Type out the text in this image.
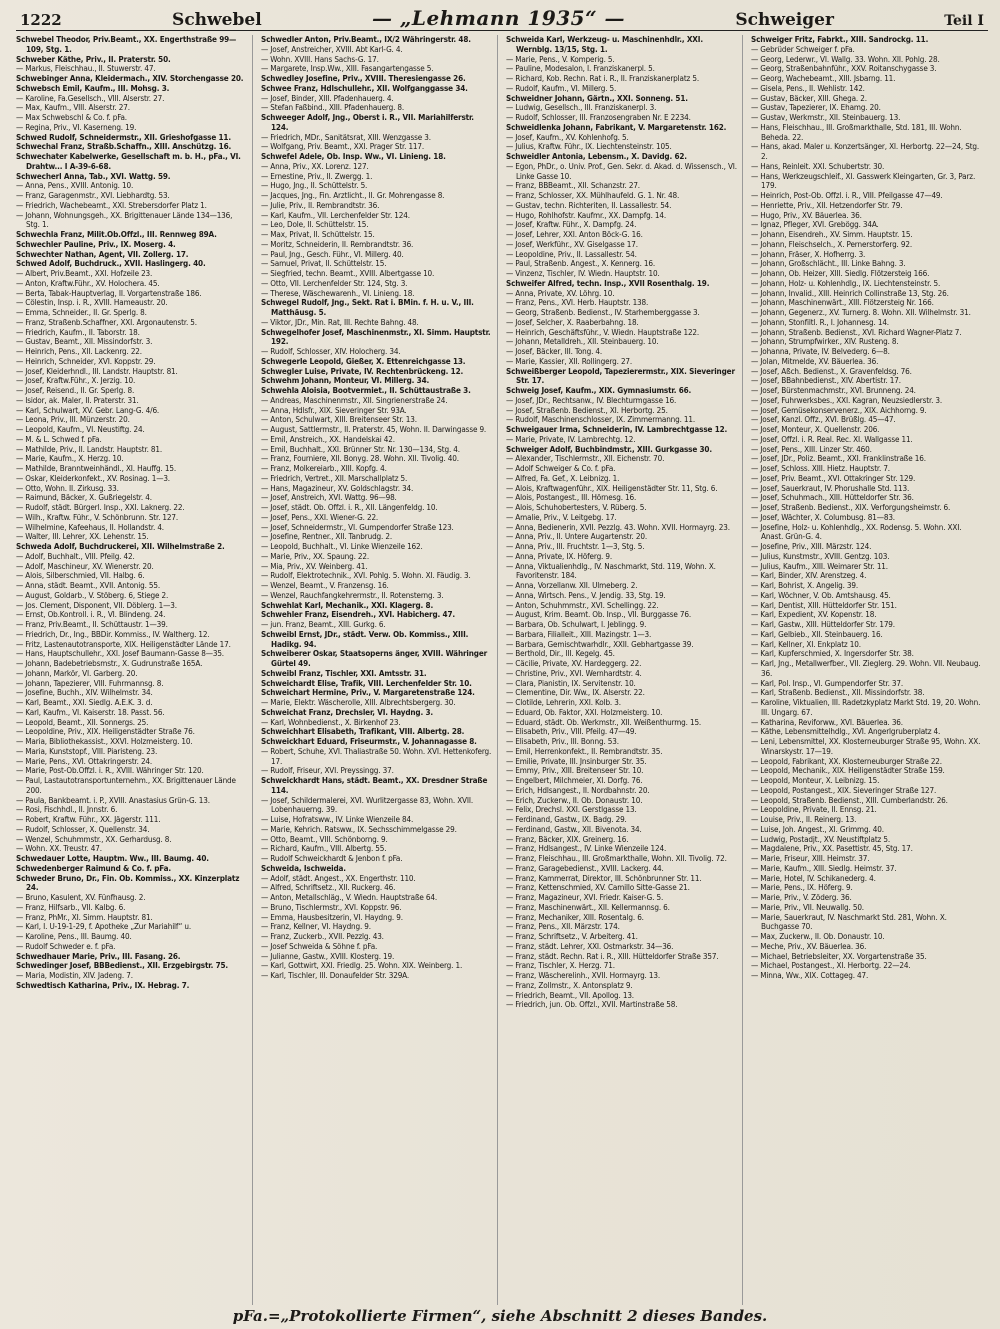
1222	Schwebel	— „Lehmann 1935“ —	Schweiger	Teil I

Schwebel Theodor, Priv.Beamt., XX. Engerthstraße 99—109, Stg. 1.

Schweber Käthe, Priv., II. Praterstr. 50.

— Markus, Fleischhau., II. Stuwerstr. 47.

Schwebinger Anna, Kleidermach., XIV. Storchengasse 20.

Schwebsch Emil, Kaufm., III. Mohsg. 3.

— Karoline, Fa.Gesellsch., VIII. Alserstr. 27.

— Max, Kaufm., VIII. Alserstr. 27.

— Max Schwebschl & Co. f. pFa.

— Regina, Priv., VI. Kaserneng. 19.

Schwed Rudolf, Schneidermstr., XII. Grieshofgasse 11.

Schwechal Franz, Straßb.Schaffn., XIII. Anschützg. 16.

Schwechater Kabelwerke, Gesellschaft m. b. H., pFa., VI. Drahtw... I A-39-6-68.

Schwecherl Anna, Tab., XVI. Wattg. 59.

— Anna, Pens., XVIII. Antonig. 10.

— Franz, Garagenmstr., XVI. Liebhardtg. 53.

— Friedrich, Wachebeamt., XXI. Strebersdorfer Platz 1.

— Johann, Wohnungsgeh., XX. Brigittenauer Lände 134—136, Stg. 1.

Schwechla Franz, Milit.Ob.Offzl., III. Rennweg 89A.

Schwechler Pauline, Priv., IX. Moserg. 4.

Schwechter Nathan, Agent, VII. Zollerg. 17.

Schwed Adolf, Buchdruck., XVII. Haslingerg. 40.

— Albert, Priv.Beamt., XXI. Hofzeile 23.

— Anton, Kraftw.Führ., XV. Holochera. 45.

— Berta, Tabak-Hauptverlag, II. Vorgartenstraße 186.

— Cölestin, Insp. i. R., XVIII. Hameaustr. 20.

— Emma, Schneider., II. Gr. Sperlg. 8.

— Franz, Straßenb.Schaffner, XXI. Argonautenstr. 5.

— Friedrich, Kaufm., II. Taborstr. 18.

— Gustav, Beamt., XII. Missindorfstr. 3.

— Heinrich, Pens., XII. Lackenrg. 22.

— Heinrich, Schneider, XVI. Koppstr. 29.

— Josef, Kleiderhndl., III. Landstr. Hauptstr. 81.

— Josef, Kraftw.Führ., X. Jerzig. 10.

— Josef, Reisend., II. Gr. Sperlg. 8.

— Isidor, ak. Maler, II. Praterstr. 31.

— Karl, Schulwart, XV. Gebr. Lang-G. 4/6.

— Leona, Priv., III. Münzerstr. 20.

— Leopold, Kaufm., VI. Neustiftg. 24.

— M. & L. Schwed f. pFa.

— Mathilde, Priv., II. Landstr. Hauptstr. 81.

— Marie, Kaufm., X. Herzg. 10.

— Mathilde, Branntweinhändl., XI. Hauffg. 15.

— Oskar, Kleiderkonfekt., XV. Rosinag. 1—3.

— Otto, Wohn. II. Zirkusg. 33.

— Raimund, Bäcker, X. Gußriegelstr. 4.

— Rudolf, städt. Bürgerl. Insp., XXI. Laknerg. 22.

— Wilh., Kraftw. Führ., V. Schönbrunn. Str. 127.

— Wilhelmine, Kafeehaus, II. Hollandstr. 4.

— Walter, III. Lehrer, XX. Lehenstr. 15.

Schweda Adolf, Buchdruckerei, XII. Wilhelmstraße 2.

— Adolf, Buchhalt., VIII. Pfeilg. 42.

— Adolf, Maschineur, XV. Wienerstr. 20.

— Alois, Silberschmied, VII. Halbg. 6.

— Anna, städt. Beamt., XVII. Antonig. 55.

— August, Goldarb., V. Stöberg. 6, Stiege 2.

— Jos. Clement, Disponent, VII. Döblerg. 1—3.

— Ernst, Ob.Kontroll. i. R., VI. Blindeng. 24.

— Franz, Priv.Beamt., II. Schüttaustr. 1—39.

— Friedrich, Dr., Ing., BBDir. Kommiss., IV. Waltherg. 12.

— Fritz, Lastenautotransporte, XIX. Heiligenstädter Lände 17.

— Hans, Hauptschullehr., XXI. Josef Baumann-Gasse 8—35.

— Johann, Badebetriebsmstr., X. Gudrunstraße 165A.

— Johann, Markör, VI. Garberg. 20.

— Johann, Tapezierer, VIII. Fuhrmannsg. 8.

— Josefine, Buchh., XIV. Wilhelmstr. 34.

— Karl, Beamt., XXI. Siedlg. A.E.K. 3. d.

— Karl, Kaufm., VI. Kaiserstr. 18. Passt. 56.

— Leopold, Beamt., XII. Sonnergs. 25.

— Leopoldine, Priv., XIX. Heiligenstädter Straße 76.

— Maria, Bibliothekassist., XXVI. Holzmeisterg. 10.

— Maria, Kunststopf., VIII. Piaristeng. 23.

— Marie, Pens., XVI. Ottakringerstr. 24.

— Marie, Post-Ob.Offzl. i. R., XVIII. Währinger Str. 120.

— Paul, Lastautotransportunternehm., XX. Brigittenauer Lände 200.

— Paula, Bankbeamt. i. P., XVIII. Anastasius Grün-G. 13.

— Rosi, Fischhdl., II. Jnnstr. 6.

— Robert, Kraftw. Führ., XX. Jägerstr. 111.

— Rudolf, Schlosser, X. Quellenstr. 34.

— Wenzel, Schuhmmstr., XX. Gerhardusg. 8.

— Wohn. XX. Treustr. 47.

Schwedauer Lotte, Hauptm. Ww., III. Baumg. 40.

Schwedenberger Raimund & Co. f. pFa.

Schweder Bruno, Dr., Fin. Ob. Kommiss., XX. Kinzerplatz 24.

— Bruno, Kasulent, XV. Fünfhausg. 2.

— Franz, Hilfsarb., VII. Kalbg. 6.

— Franz, PhMr., XI. Simm. Hauptstr. 81.

— Karl, I. U-19-1-29, f. Apotheke „Zur Mariahilf“ u.

— Karoline, Pens., III. Baumg. 40.

— Rudolf Schweder e. f. pFa.

Schwedhauer Marie, Priv., III. Fasang. 26.

Schwedinger Josef, BBBedienst., XII. Erzgebirgstr. 75.

— Maria, Modistin, XIV. Jadeng. 7.

Schwedtisch Katharina, Priv., IX. Hebrag. 7.

Schwedler Anton, Priv.Beamt., IX/2 Währingerstr. 48.

— Josef, Anstreicher, XVIII. Abt Karl-G. 4.

— Wohn. XVIII. Hans Sachs-G. 17.

— Margarete, Insp.Ww., XIII. Fasangartengasse 5.

Schwedley Josefine, Priv., XVIII. Theresiengasse 26.

Schwee Franz, Hdlschullehr., XII. Wolfganggasse 34.

— Josef, Binder, XIII. Pfadenhauerg. 4.

— Stefan Faßbind., XIII. Pfadenhauerg. 8.

Schweeger Adolf, Jng., Oberst i. R., VII. Mariahilferstr. 124.

— Friedrich, MDr., Sanitätsrat, XIII. Wenzgasse 3.

— Wolfgang, Priv. Beamt., XXI. Prager Str. 117.

Schwefel Adele, Ob. Insp. Ww., VI. Linieng. 18.

— Anna, Priv., XX. Lorenz. 127.

— Ernestine, Priv., II. Zwergg. 1.

— Hugo, Jng., II. Schüttelstr. 5.

— Jacques, Jng., Fin. Arztlicht., II. Gr. Mohrengasse 8.

— Julie, Priv., II. Rembrandtstr. 36.

— Karl, Kaufm., VII. Lerchenfelder Str. 124.

— Leo, Dole, II. Schüttelstr. 15.

— Max, Privat, II. Schüttelstr. 15.

— Moritz, Schneiderin, II. Rembrandtstr. 36.

— Paul, Jng., Gesch. Führ., VI. Millerg. 40.

— Samuel, Privat, II. Schüttelstr. 15.

— Siegfried, techn. Beamt., XVIII. Albertgasse 10.

— Otto, VII. Lerchenfelder Str. 124, Stg. 3.

— Therese, Wäschewarenh., VI. Linieng. 18.

Schwegel Rudolf, Jng., Sekt. Rat i. BMin. f. H. u. V., III. Matthäusg. 5.

— Viktor, JDr., Min. Rat, III. Rechte Bahng. 48.

Schwegelhofer Josef, Maschinenmstr., XI. Simm. Hauptstr. 192.

— Rudolf, Schlosser, XIV. Holocherg. 34.

Schwegerle Leopold, Gießer, X. Ettenreichgasse 13.

Schwegler Luise, Private, IV. Rechtenbrückeng. 12.

Schwehm Johann, Monteur, VI. Millerg. 34.

Schwehla Aloisia, Bootvermiet., II. Schüttaustraße 3.

— Andreas, Maschinenmstr., XII. Singrienerstraße 24.

— Anna, Hdlsfr., XIX. Sieveringer Str. 93A.

— Anton, Schulwart, XIII. Breitenseer Str. 13.

— August, Sattlermstr., II. Praterstr. 45, Wohn. II. Darwingasse 9.

— Emil, Anstreich., XX. Handelskai 42.

— Emil, Buchhalt., XXI. Brünner Str. Nr. 130—134, Stg. 4.

— Franz, Fourniere, XII. Bonyg. 28. Wohn. XII. Tivolig. 40.

— Franz, Molkereiarb., XIII. Kopfg. 4.

— Friedrich, Vertret., XII. Marschallplatz 5.

— Hans, Magazineur, XV. Goldschlagstr. 34.

— Josef, Anstreich, XVI. Wattg. 96—98.

— Josef, städt. Ob. Offzl. i. R., XII. Längenfeldg. 10.

— Josef, Pens., XXI. Wiener-G. 22.

— Josef, Schneidermstr., VI. Gumpendorfer Straße 123.

— Josefine, Rentner., XII. Tanbrudg. 2.

— Leopold, Buchhalt., VI. Linke Wienzeile 162.

— Marie, Priv., XX. Spaung. 22.

— Mia, Priv., XV. Weinberg. 41.

— Rudolf, Elektrotechnik., XVI. Pohlg. 5. Wohn. XI. Fäudig. 3.

— Wenzel, Beamt., V. Franzensg. 16.

— Wenzel, Rauchfangkehrermstr., II. Rotensterng. 3.

Schwehlat Karl, Mechanik., XXI. Klagerg. 8.

Schwehler Franz, Eisendreh., XVI. Habicherg. 47.

— jun. Franz, Beamt., XIII. Gurkg. 6.

Schweibl Ernst, JDr., städt. Verw. Ob. Kommiss., XIII. Hadikg. 94.

Schweiberer Oskar, Staatsoperns änger, XVIII. Währinger Gürtel 49.

Schweibl Franz, Tischler, XXI. Amtsstr. 31.

Schweichardt Elise, Trafik, VIII. Lerchenfelder Str. 10.

Schweichart Hermine, Priv., V. Margaretenstraße 124.

— Marie, Elektr. Wäscherolle, XIII. Albrechtsbergerg. 30.

Schweichat Franz, Drechsler, VI. Haydng. 3.

— Karl, Wohnbedienst., X. Birkenhof 23.

Schweichhart Elisabeth, Trafikant, VIII. Albertg. 28.

Schweickhart Eduard, Friseurmstr., V. Johannagasse 8.

— Robert, Schuhe, XVI. Thaliastraße 50. Wohn. XVI. Hettenkoferg. 17.

— Rudolf, Friseur, XVI. Preyssingg. 37.

Schweickhardt Hans, städt. Beamt., XX. Dresdner Straße 114.

— Josef, Schildermalerei, XVI. Wurlitzergasse 83, Wohn. XVII. Lobenhauerng. 39.

— Luise, Hofratsww., IV. Linke Wienzeile 84.

— Marie, Kehrich. Ratsww., IX. Sechsschimmelgasse 29.

— Otto, Beamt., VIII. Schönborng. 9.

— Richard, Kaufm., VIII. Albertg. 55.

— Rudolf Schweickhardt & Jenbon f. pFa.

Schweida, Ischweida.

— Adolf, städt. Angest., XX. Engerthstr. 110.

— Alfred, Schriftsetz., XII. Ruckerg. 46.

— Anton, Metallschläg., V. Wiedn. Hauptstraße 64.

— Bruno, Tischlermstr., XVI. Koppstr. 96.

— Emma, Hausbesitzerin, VI. Haydng. 9.

— Franz, Kellner, VI. Haydng. 9.

— Franz, Zuckerb., XVII. Pezzlg. 43.

— Josef Schweida & Söhne f. pFa.

— Julianne, Gastw., XVIII. Klosterg. 19.

— Karl, Gottwirt, XXI. Friedlg. 25. Wohn. XIX. Weinberg. 1.

— Karl, Tischler, III. Donaufelder Str. 329A.

Schweida Karl, Werkzeug- u. Maschinenhdlr., XXI. Wernblg. 13/15, Stg. 1.

— Marie, Pens., V. Komperig. 5.

— Pauline, Modesalon, I. Franziskanerpl. 5.

— Richard, Kob. Rechn. Rat i. R., II. Franziskanerplatz 5.

— Rudolf, Kaufm., VI. Millerg. 5.

Schweidner Johann, Gärtn., XXI. Sonneng. 51.

— Ludwig, Gesellsch., III. Franziskanerpl. 3.

— Rudolf, Schlosser, III. Franzosengraben Nr. E 2234.

Schweidlenka Johann, Fabrikant, V. Margaretenstr. 162.

— Josef, Kaufm., XV. Kohlenhofg. 5.

— Julius, Kraftw. Führ., IX. Liechtensteinstr. 105.

Schweidler Antonia, Lebensm., X. Davidg. 62.

— Egon, PhDr., o. Univ. Prof., Gen. Sekr. d. Akad. d. Wissensch., VI. Linke Gasse 10.

— Franz, BBBeamt., XII. Schanzstr. 27.

— Franz, Schlosser, XX. Mühlhaufeld. G. 1. Nr. 48.

— Gustav, techn. Richteriten, II. Lassallestr. 54.

— Hugo, Rohlhofstr. Kaufmr., XX. Dampfg. 14.

— Josef, Kraftw. Führ., X. Dampfg. 24.

— Josef, Lehrer, XXI. Anton Böck-G. 16.

— Josef, Werkführ., XV. Giselgasse 17.

— Leopoldine, Priv., II. Lassallestr. 54.

— Paul, Straßenb. Angest., X. Kennerg. 16.

— Vinzenz, Tischler, IV. Wiedn. Hauptstr. 10.

Schweifer Alfred, techn. Insp., XVII Rosenthalg. 19.

— Anna, Private, XV. Löhrg. 10.

— Franz, Pens., XVI. Herb. Hauptstr. 138.

— Georg, Straßenb. Bedienst., IV. Starhemberggasse 3.

— Josef, Selcher, X. Raaberbahng. 18.

— Heinrich, Geschäftsführ., V. Wiedn. Hauptstraße 122.

— Johann, Metalldreh., XII. Steinbauerg. 10.

— Josef, Bäcker, III. Tong. 4.

— Marie, Kassier, XII. Rollingerg. 27.

Schweißberger Leopold, Tapezierermstr., XIX. Sieveringer Str. 17.

Schweig Josef, Kaufm., XIX. Gymnasiumstr. 66.

— Josef, JDr., Rechtsanw., IV. Blechturmgasse 16.

— Josef, Straßenb. Bedienst., XI. Herbortg. 25.

— Rudolf, Maschinenschlosser, IX. Zimmermanng. 11.

Schweigauer Irma, Schneiderin, IV. Lambrechtgasse 12.

— Marie, Private, IV. Lambrechtg. 12.

Schweiger Adolf, Buchbindmstr., XIII. Gurkgasse 30.

— Alexander, Tischlermstr., XII. Eichenstr. 70.

— Adolf Schweiger & Co. f. pFa.

— Alfred, Fa. Gef., X. Leibnizg. 1.

— Alois, Kraftwagenführ., XIX. Heiligenstädter Str. 11, Stg. 6.

— Alois, Postangest., III. Hörnesg. 16.

— Alois, Schuhobertesters, V. Rüberg. 5.

— Amalie, Priv., V. Leitgebg. 17.

— Anna, Bedienerin, XVII. Pezzlg. 43. Wohn. XVII. Hormayrg. 23.

— Anna, Priv., II. Untere Augartenstr. 20.

— Anna, Priv., III. Fruchtstr. 1—3, Stg. 5.

— Anna, Private, IX. Höferg. 9.

— Anna, Viktualienhdlg., IV. Naschmarkt, Std. 119, Wohn. X. Favoritenstr. 184.

— Anna, Vorzellanw. XII. Ulmeberg. 2.

— Anna, Wirtsch. Pens., V. Jendig. 33, Stg. 19.

— Anton, Schuhmmstr., XVI. Schellingg. 22.

— August, Krim. Beamt. Ob. Insp., VII. Burggasse 76.

— Barbara, Ob. Schulwart, I. Jeblingg. 9.

— Barbara, Filialleit., XIII. Mazingstr. 1—3.

— Barbara, Gemischtwarhdlr., XXII. Gebhartgasse 39.

— Berthold, Dir., III. Kegelg. 45.

— Cäcilie, Private, XV. Hardeggerg. 22.

— Christine, Priv., XVI. Wernhardtstr. 4.

— Clara, Pianistin, IX. Servitenstr. 10.

— Clementine, Dir. Ww., IX. Alserstr. 22.

— Clotilde, Lehrerin, XXI. Kolb. 3.

— Eduard, Ob. Faktor, XXI. Holzmeisterg. 10.

— Eduard, städt. Ob. Werkmstr., XII. Weißenthurmg. 15.

— Elisabeth, Priv., VIII. Pfeilg. 47—49.

— Elisabeth, Priv., III. Bonng. 53.

— Emil, Herrenkonfekt., II. Rembrandtstr. 35.

— Emilie, Private, III. Jnsinburger Str. 35.

— Emmy, Priv., XIII. Breitenseer Str. 10.

— Engelbert, Milchmeier, XI. Dorfg. 76.

— Erich, Hdlsangest., II. Nordbahnstr. 20.

— Erich, Zuckerw., II. Ob. Donaustr. 10.

— Felix, Drechsl. XXI. Gerstlgasse 13.

— Ferdinand, Gastw., IX. Badg. 29.

— Ferdinand, Gastw., XII. Bivenota. 34.

— Franz, Bäcker, XIX. Greinerg. 16.

— Franz, Hdlsangest., IV. Linke Wienzeile 124.

— Franz, Fleischhau., III. Großmarkthalle, Wohn. XII. Tivolig. 72.

— Franz, Garagebedienst., XVIII. Lackerg. 44.

— Franz, Kammerrat, Direktor, III. Schönbrunner Str. 11.

— Franz, Kettenschmied, XV. Camillo Sitte-Gasse 21.

— Franz, Magazineur, XVI. Friedr. Kaiser-G. 5.

— Franz, Maschinenwärt., XII. Kellermannsg. 6.

— Franz, Mechaniker, XIII. Rosentalg. 6.

— Franz, Pens., XII. Märzstr. 174.

— Franz, Schriftsetz., V. Arbeiterg. 41.

— Franz, städt. Lehrer, XXI. Ostmarkstr. 34—36.

— Franz, städt. Rechn. Rat i. R., XIII. Hütteldorfer Straße 357.

— Franz, Tischler, X. Herzg. 71.

— Franz, Wäscherelinh., XVII. Hormayrg. 13.

— Franz, Zollmstr., X. Antonsplatz 9.

— Friedrich, Beamt., VII. Apollog. 13.

— Friedrich, jun. Ob. Offzl., XVII. Martinstraße 58.

Schweiger Fritz, Fabrkt., XIII. Sandrockg. 11.

— Gebrüder Schweiger f. pFa.

— Georg, Lederwr., VI. Wallg. 33. Wohn. XII. Pohlg. 28.

— Georg, Straßenbahnführ., XXV. Roitanschygasse 3.

— Georg, Wachebeamt., XIII. Jsbarng. 11.

— Gisela, Pens., II. Wehlistr. 142.

— Gustav, Bäcker, XIII. Ghega. 2.

— Gustav, Tapezierer, IX. Ehamg. 20.

— Gustav, Werkmstr., XII. Steinbauerg. 13.

— Hans, Fleischhau., III. Großmarkthalle, Std. 181, III. Wohn. Beheda. 22.

— Hans, akad. Maler u. Konzertsänger, XI. Herbortg. 22—24, Stg. 2.

— Hans, Reinleit. XXI. Schubertstr. 30.

— Hans, Werkzeugschleif., XI. Gasswerk Kleingarten, Gr. 3, Parz. 179.

— Heinrich, Post-Ob. Offzl. i. R., VIII. Pfeilgasse 47—49.

— Henriette, Priv., XII. Hetzendorfer Str. 79.

— Hugo, Priv., XV. Bäuerlea. 36.

— Ignaz, Pfleger, XVI. Grebögg. 34A.

— Johann, Eisendreh., XV. Simm. Hauptstr. 15.

— Johann, Fleischselch., X. Pernerstorferg. 92.

— Johann, Fräser, X. Hofherrg. 3.

— Johann, Großschlächt., III. Linke Bahng. 3.

— Johann, Ob. Heizer, XIII. Siedlg. Flötzersteig 166.

— Johann, Holz- u. Kohlenhdlg., IX. Liechtensteinstr. 5.

— Johann, Invalid., XIII. Heinrich Collinstraße 13, Stg. 26.

— Johann, Maschinenwärt., XIII. Flötzersteig Nr. 166.

— Johann, Gegenerz., XV. Turnerg. 8. Wohn. XII. Wilhelmstr. 31.

— Johann, Stonfiltl. R., I. Johannesg. 14.

— Johann, Straßenb. Bedienst., XVI. Richard Wagner-Platz 7.

— Johann, Strumpfwirker., XIV. Rusteng. 8.

— Johanna, Private, IV. Belvederg. 6—8.

— Jolan, Mitmelde, XV. Bäuerlea. 36.

— Josef, Aßch. Bedienst., X. Gravenfeldsg. 76.

— Josef, BBahnbedienst., XIV. Abertistr. 17.

— Josef, Bürstenmachmstr., XVI. Brunneng. 24.

— Josef, Fuhrwerksbes., XXI. Kagran, Neuzsiedlerstr. 3.

— Josef, Gemüsekonservenerz., XIX. Aichhorng. 9.

— Josef, Kanzl. Offz., XVI. Brüßlg. 45—47.

— Josef, Monteur, X. Quellenstr. 206.

— Josef, Offzl. i. R. Real. Rec. XI. Wallgasse 11.

— Josef, Pens., XIII. Linzer Str. 460.

— Josef, JDr., Poliz. Beamt., XXI. Franklinstraße 16.

— Josef, Schloss. XIII. Hietz. Hauptstr. 7.

— Josef, Priv. Beamt., XVI. Ottakringer Str. 129.

— Josef, Sauerkraut, IV. Phorushalle Std. 113.

— Josef, Schuhmach., XIII. Hütteldorfer Str. 36.

— Josef, Straßenb. Bedienst., XIX. Verforgungsheimstr. 6.

— Josef, Wächter, X. Columbusg. 81—83.

— Josefine, Holz- u. Kohlenhdlg., XX. Rodensg. 5. Wohn. XXI. Anast. Grün-G. 4.

— Josefine, Priv., XIII. Märzstr. 124.

— Julius, Kunstmstr., XVIII. Gentzg. 103.

— Julius, Kaufm., XIII. Weimarer Str. 11.

— Karl, Binder, XIV. Arenstzeg. 4.

— Karl, Bohrist, X. Angelig. 39.

— Karl, Wöchner, V. Ob. Amtshausg. 45.

— Karl, Dentist, XIII. Hütteldorfer Str. 151.

— Karl, Expedient, XV. Kopenstr. 18.

— Karl, Gastw., XIII. Hütteldorfer Str. 179.

— Karl, Gelbieb., XII. Steinbauerg. 16.

— Karl, Kellner, XI. Enkplatz 10.

— Karl, Kupferschmied, X. Ingersdorfer Str. 38.

— Karl, Jng., Metallwerfber., VII. Zieglerg. 29. Wohn. VII. Neubaug. 36.

— Karl, Pol. Insp., VI. Gumpendorfer Str. 37.

— Karl, Straßenb. Bedienst., XII. Missindorfstr. 38.

— Karoline, Viktualien, III. Radetzkyplatz Markt Std. 19, 20. Wohn. III. Ungarg. 67.

— Katharina, Reviforww., XVI. Bäuerlea. 36.

— Käthe, Lebensmittelhdlg., XVI. Angerlgruberplatz 4.

— Leni, Lebensmittel, XX. Klosterneuburger Straße 95, Wohn. XX. Winarskystr. 17—19.

— Leopold, Fabrikant, XX. Klosterneuburger Straße 22.

— Leopold, Mechanik., XIX. Heiligenstädter Straße 159.

— Leopold, Monteur, X. Leibnizg. 15.

— Leopold, Postangest., XIX. Sieveringer Straße 127.

— Leopold, Straßenb. Bedienst., XIII. Cumberlandstr. 26.

— Leopoldine, Private, II. Ennsg. 21.

— Louise, Priv., II. Reinerg. 13.

— Luise, Joh. Angest., XI. Grimmg. 40.

— Ludwig, Postadjt., XV. Neustiftplatz 5.

— Magdalene, Priv., XX. Pasettistr. 45, Stg. 17.

— Marie, Friseur, XIII. Heimstr. 37.

— Marie, Kaufm., XIII. Siedlg. Heimstr. 37.

— Marie, Hotel, IV. Schikanederg. 4.

— Marie, Pens., IX. Höferg. 9.

— Marie, Priv., V. Zöderg. 36.

— Marie, Priv., VII. Neuwallg. 50.

— Marie, Sauerkraut, IV. Naschmarkt Std. 281, Wohn. X. Buchgasse 70.

— Max, Zuckerw., II. Ob. Donaustr. 10.

— Meche, Priv., XV. Bäuerlea. 36.

— Michael, Betriebsleiter, XX. Vorgartenstraße 35.

— Michael, Postangest., XI. Herbortg. 22—24.

— Minna, Ww., XIX. Cottageg. 47.

pFa.=„Protokollierte Firmen“, siehe Abschnitt 2 dieses Bandes.
